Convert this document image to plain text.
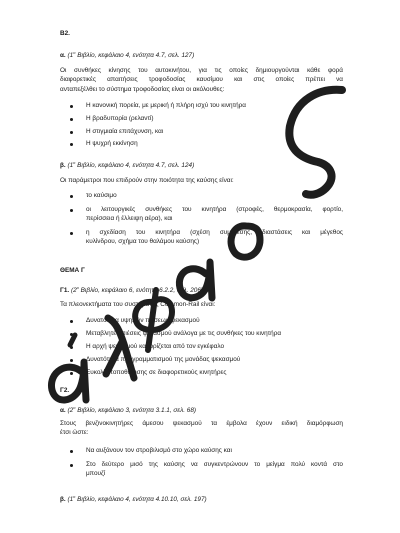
Β2.
α. ($1^o$ Βιβλίο, κεφάλαιο 4, ενότητα 4.7, σελ. 127)
Οι συνθήκες κίνησης του αυτοκινήτου, για τις οποίες δημιουργούνται κάθε φορά
διαφορετικές απαιτήσεις τροφοδοσίας καυσίμου και στις οποίες πρέπει να
ανταπεξέλθει το σύστημα τροφοδοσίας είναι οι ακόλουθες:
Η κανονική πορεία, με μερική ή πλήρη ισχύ του κινητήρα
Η βραδυπορία (ρελαντί)
Η στιγμιαία επιτάχυνση, και
Η ψυχρή εκκίνηση
β. ($1^o$ Βιβλίο, κεφάλαιο 4, ενότητα 4.7, σελ. 124)
Οι παράμετροι που επιδρούν στην ποιότητα της καύσης είναι:
το καύσιμο
οι λειτουργικές συνθήκες του κινητήρα (στροφές, θερμοκρασία, φορτίο,
περίσσεια ή έλλειψη αέρα), και
η σχεδίαση του κινητήρα (σχέση συμπίεσης, διαστάσεις και μέγεθος
κυλίνδρου, σχήμα του θαλάμου καύσης)
ΘΕΜΑ Γ
Γ1. ($2^o$ Βιβλίο, κεφάλαιο 6, ενότητα 6.2.2, σελ. 206)
Τα πλεονεκτήματα του συστήματος Common-Rail είναι:
Δυνατότητα υψηλών πιέσεων ψεκασμού
Μεταβλητές πιέσεις ψεκασμού ανάλογα με τις συνθήκες του κινητήρα
Η αρχή ψεκασμού καθορίζεται από τον εγκέφαλο
Δυνατότητα προγραμματισμού της μονάδας ψεκασμού
Ευκολία τοποθέτησης σε διαφορετικούς κινητήρες
Γ2.
α. ($2^o$ Βιβλίο, κεφάλαιο 3, ενότητα 3.1.1, σελ. 68)
Στους βενζινοκινητήρες άμεσου ψεκασμού τα έμβολα έχουν ειδική διαμόρφωση
έτσι ώστε:
Να αυξάνουν τον στροβιλισμό στο χώρο καύσης και
Στο δεύτερο μισό της καύσης να συγκεντρώνουν το μείγμα πολύ κοντά στο
μπουζί
β. ($1^o$ Βιβλίο, κεφάλαιο 4, ενότητα 4.10.10, σελ. 197)
